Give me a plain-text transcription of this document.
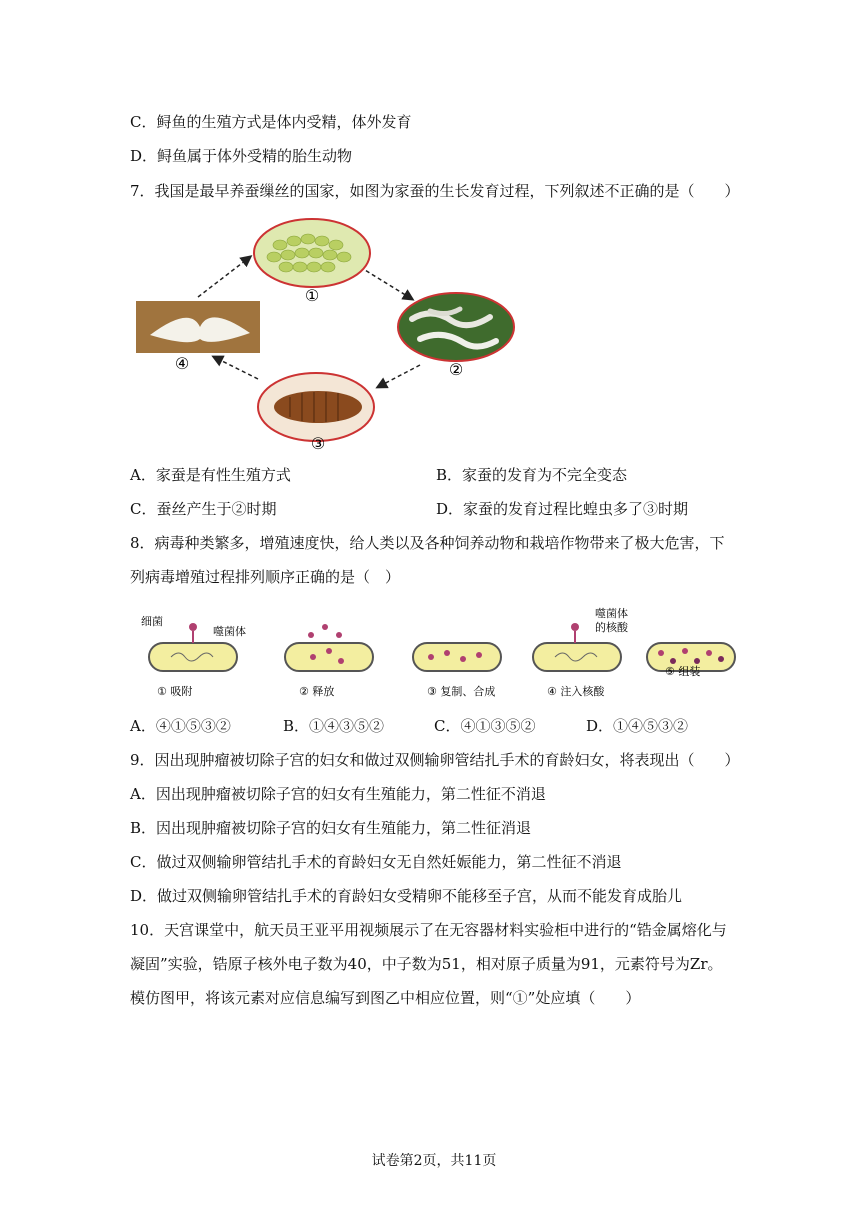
C．鲟鱼的生殖方式是体内受精，体外发育
D．鲟鱼属于体外受精的胎生动物
7．我国是最早养蚕缫丝的国家，如图为家蚕的生长发育过程，下列叙述不正确的是（　　）
①
②
③
④
A．家蚕是有性生殖方式	B．家蚕的发育为不完全变态
C．蚕丝产生于②时期	D．家蚕的发育过程比蝗虫多了③时期
8．病毒种类繁多，增殖速度快，给人类以及各种饲养动物和栽培作物带来了极大危害，下
列病毒增殖过程排列顺序正确的是（　）
细菌
噬菌体
① 吸附	② 释放	③ 复制、合成
噬菌体
的核酸
④ 注入核酸
⑤ 组装
A．④①⑤③②	B．①④③⑤②	C．④①③⑤②	D．①④⑤③②
9．因出现肿瘤被切除子宫的妇女和做过双侧输卵管结扎手术的育龄妇女，将表现出（　　）
A．因出现肿瘤被切除子宫的妇女有生殖能力，第二性征不消退
B．因出现肿瘤被切除子宫的妇女有生殖能力，第二性征消退
C．做过双侧输卵管结扎手术的育龄妇女无自然妊娠能力，第二性征不消退
D．做过双侧输卵管结扎手术的育龄妇女受精卵不能移至子宫，从而不能发育成胎儿
10．天宫课堂中，航天员王亚平用视频展示了在无容器材料实验柜中进行的“锆金属熔化与
凝固”实验，锆原子核外电子数为40，中子数为51，相对原子质量为91，元素符号为Zr。
模仿图甲，将该元素对应信息编写到图乙中相应位置，则“①”处应填（　　）
试卷第2页，共11页
